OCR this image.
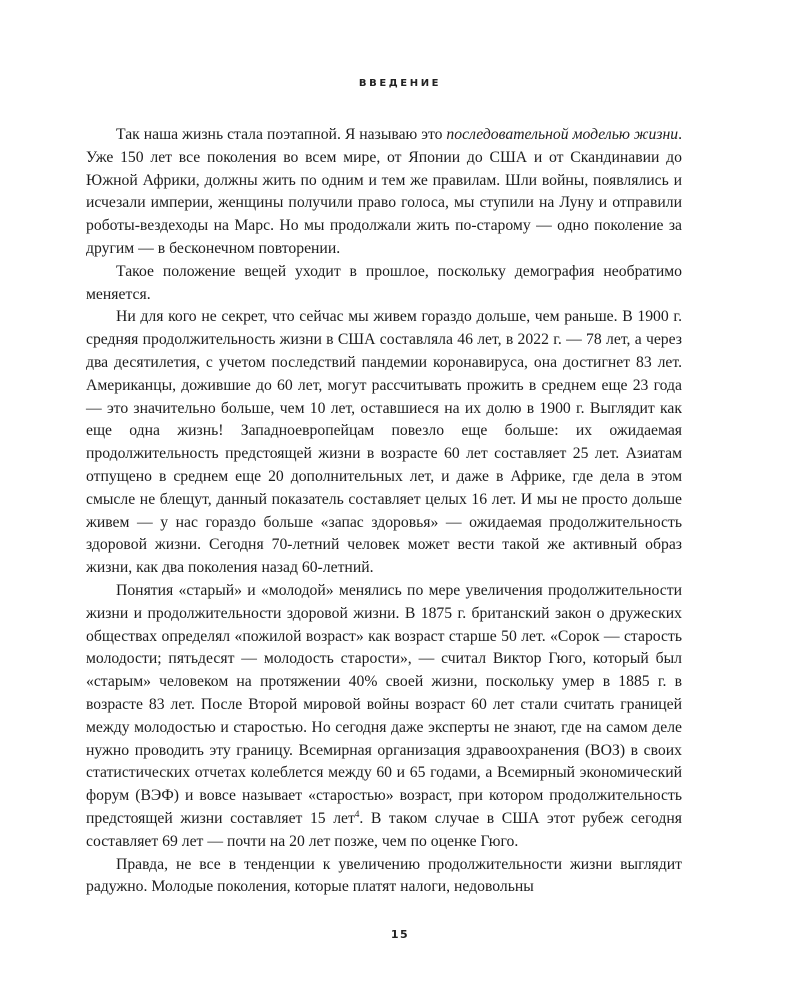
ВВЕДЕНИЕ

Так наша жизнь стала поэтапной. Я называю это последовательной моделью жизни. Уже 150 лет все поколения во всем мире, от Японии до США и от Скандинавии до Южной Африки, должны жить по одним и тем же правилам. Шли войны, появлялись и исчезали империи, женщины получили право голоса, мы ступили на Луну и отправили роботы-вездеходы на Марс. Но мы продолжали жить по-старому — одно поколение за другим — в бесконечном повторении.

Такое положение вещей уходит в прошлое, поскольку демография необратимо меняется.

Ни для кого не секрет, что сейчас мы живем гораздо дольше, чем раньше. В 1900 г. средняя продолжительность жизни в США составляла 46 лет, в 2022 г. — 78 лет, а через два десятилетия, с учетом последствий пандемии коронавируса, она достигнет 83 лет. Американцы, дожившие до 60 лет, могут рассчитывать прожить в среднем еще 23 года — это значительно больше, чем 10 лет, оставшиеся на их долю в 1900 г. Выглядит как еще одна жизнь! Западноевропейцам повезло еще больше: их ожидаемая продолжительность предстоящей жизни в возрасте 60 лет составляет 25 лет. Азиатам отпущено в среднем еще 20 дополнительных лет, и даже в Африке, где дела в этом смысле не блещут, данный показатель составляет целых 16 лет. И мы не просто дольше живем — у нас гораздо больше «запас здоровья» — ожидаемая продолжительность здоровой жизни. Сегодня 70-летний человек может вести такой же активный образ жизни, как два поколения назад 60-летний.

Понятия «старый» и «молодой» менялись по мере увеличения продолжительности жизни и продолжительности здоровой жизни. В 1875 г. британский закон о дружеских обществах определял «пожилой возраст» как возраст старше 50 лет. «Сорок — старость молодости; пятьдесят — молодость старости», — считал Виктор Гюго, который был «старым» человеком на протяжении 40% своей жизни, поскольку умер в 1885 г. в возрасте 83 лет. После Второй мировой войны возраст 60 лет стали считать границей между молодостью и старостью. Но сегодня даже эксперты не знают, где на самом деле нужно проводить эту границу. Всемирная организация здравоохранения (ВОЗ) в своих статистических отчетах колеблется между 60 и 65 годами, а Всемирный экономический форум (ВЭФ) и вовсе называет «старостью» возраст, при котором продолжительность предстоящей жизни составляет 15 лет$^4$. В таком случае в США этот рубеж сегодня составляет 69 лет — почти на 20 лет позже, чем по оценке Гюго.

Правда, не все в тенденции к увеличению продолжительности жизни выглядит радужно. Молодые поколения, которые платят налоги, недовольны

15
